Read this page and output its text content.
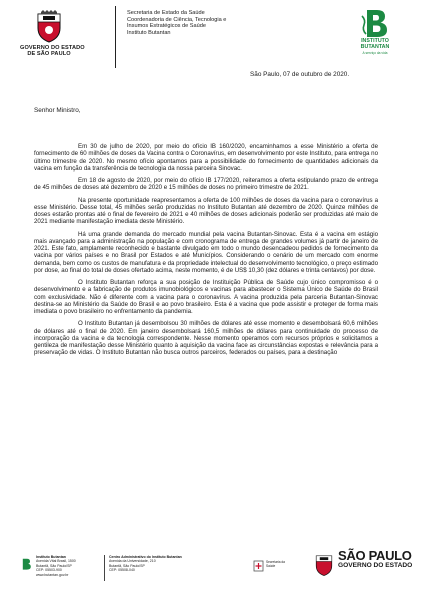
GOVERNO DO ESTADO
DE SÃO PAULO
Secretaria de Estado da Saúde
Coordenadoria de Ciência, Tecnologia e
Insumos Estratégicos de Saúde
Instituto Butantan
INSTITUTO
BUTANTAN
A serviço da vida
São Paulo, 07 de outubro de 2020.
Senhor Ministro,

Em 30 de julho de 2020, por meio do ofício IB 160/2020, encaminhamos a esse Ministério a oferta de fornecimento de 60 milhões de doses da Vacina contra o Coronavírus, em desenvolvimento por este Instituto, para entrega no último trimestre de 2020. No mesmo ofício apontamos para a possibilidade do fornecimento de quantidades adicionais da vacina em função da transferência de tecnologia da nossa parceira Sinovac.

Em 18 de agosto de 2020, por meio do ofício IB 177/2020, reiteramos a oferta estipulando prazo de entrega de 45 milhões de doses até dezembro de 2020 e 15 milhões de doses no primeiro trimestre de 2021.

Na presente oportunidade reapresentamos a oferta de 100 milhões de doses da vacina para o coronavírus a esse Ministério. Desse total, 45 milhões serão produzidas no Instituto Butantan até dezembro de 2020. Quinze milhões de doses estarão prontas até o final de fevereiro de 2021 e 40 milhões de doses adicionais poderão ser produzidas até maio de 2021 mediante manifestação imediata deste Ministério.

Há uma grande demanda do mercado mundial pela vacina Butantan-Sinovac. Esta é a vacina em estágio mais avançado para a administração na população e com cronograma de entrega de grandes volumes já partir de janeiro de 2021. Este fato, amplamente reconhecido e bastante divulgado em todo o mundo desencadeou pedidos de fornecimento da vacina por vários países e no Brasil por Estados e até Municípios. Considerando o cenário de um mercado com enorme demanda, bem como os custos de manufatura e da propriedade intelectual do desenvolvimento tecnológico, o preço estimado por dose, ao final do total de doses ofertado acima, neste momento, é de US$ 10,30 (dez dólares e trinta centavos) por dose.

O Instituto Butantan reforça a sua posição de Instituição Pública de Saúde cujo único compromisso é o desenvolvimento e a fabricação de produtos imunobiológicos e vacinas para abastecer o Sistema Único de Saúde do Brasil com exclusividade. Não é diferente com a vacina para o coronavírus. A vacina produzida pela parceria Butantan-Sinovac destina-se ao Ministério da Saúde do Brasil e ao povo brasileiro. Esta é a vacina que pode assistir e proteger de forma mais imediata o povo brasileiro no enfrentamento da pandemia.

O Instituto Butantan já desembolsou 30 milhões de dólares até esse momento e desembolsará 60,6 milhões de dólares até o final de 2020. Em janeiro desembolsará 160,5 milhões de dólares para continuidade do processo de incorporação da vacina e da tecnologia correspondente. Nesse momento operamos com recursos próprios e solicitamos a gentileza de manifestação desse Ministério quanto à aquisição da vacina face as circunstâncias expostas e relevância para a preservação de vidas. O Instituto Butantan não busca outros parceiros, federados ou países, para a destinação

Instituto Butantan
Avenida Vital Brasil, 1500
Butantã, São Paulo/SP
CEP: 05503-900
www.butantan.gov.br
Centro Administrativo do Instituto Butantan
Avenida da Universidade, 210
Butantã, São Paulo/SP
CEP: 05508-040
Secretaria da
Saúde
SÃO PAULO
GOVERNO DO ESTADO
